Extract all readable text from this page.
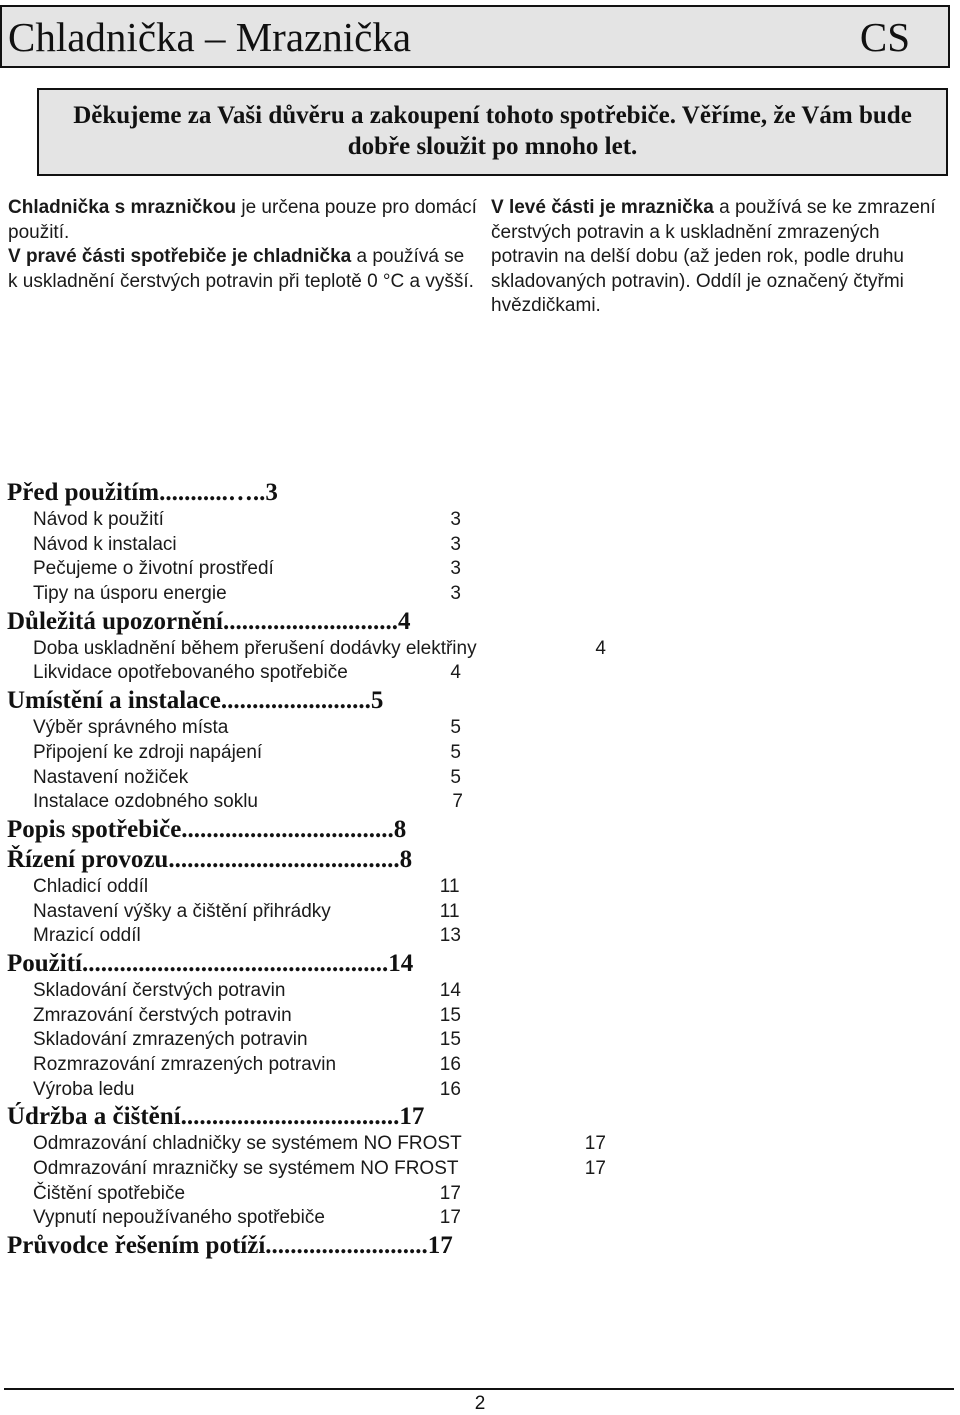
Chladnička – Mraznička	CS
Děkujeme za Vaši důvěru a zakoupení tohoto spotřebiče. Věříme, že Vám bude
dobře sloužit po mnoho let.
Chladnička s mrazničkou je určena pouze pro domácí použití.
V pravé části spotřebiče je chladnička a používá se k uskladnění čerstvých potravin při teplotě 0 °C a vyšší.
V levé části je mraznička a používá se ke zmrazení čerstvých potravin a k uskladnění zmrazených potravin na delší dobu (až jeden rok, podle druhu skladovaných potravin). Oddíl je označený čtyřmi hvězdičkami.
Před použitím...........…..3
Návod k použití	3
Návod k instalaci	3
Pečujeme o životní prostředí	3
Tipy na úsporu energie	3
Důležitá upozornění............................4
Doba uskladnění během přerušení dodávky elektřiny	4
Likvidace opotřebovaného spotřebiče	4
Umístění a instalace........................5
Výběr správného místa	5
Připojení ke zdroji napájení	5
Nastavení nožiček	5
Instalace ozdobného soklu	7
Popis spotřebiče..................................8
Řízení provozu.....................................8
Chladicí oddíl	11
Nastavení výšky a čištění přihrádky	11
Mrazicí oddíl	13
Použití.................................................14
Skladování čerstvých potravin	14
Zmrazování čerstvých potravin	15
Skladování zmrazených potravin	15
Rozmrazování zmrazených potravin	16
Výroba ledu	16
Údržba a čištění...................................17
Odmrazování chladničky se systémem NO FROST	17
Odmrazování mrazničky se systémem NO FROST	17
Čištění spotřebiče	17
Vypnutí nepoužívaného spotřebiče	17
Průvodce řešením potíží..........................17
2
